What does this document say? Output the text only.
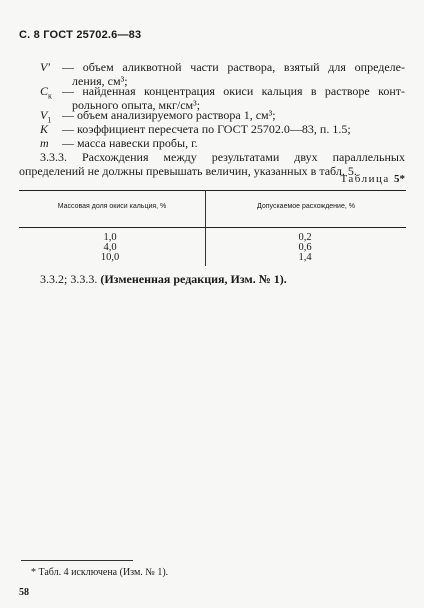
С. 8 ГОСТ 25702.6—83
V′ — объем аликвотной части раствора, взятый для определе-
ления, см³;
$C_к$ — найденная концентрация окиси кальция в растворе конт-
рольного опыта, мкг/см³;
$V_1$ — объем анализируемого раствора 1, см³;
K — коэффициент пересчета по ГОСТ 25702.0—83, п. 1.5;
m — масса навески пробы, г.
3.3.3. Расхождения между результатами двух параллельных
определений не должны превышать величин, указанных в табл. 5.
Таблица 5*
Массовая доля окиси кальция, %	Допускаемое расхождение, %
1,0	0,2
4,0	0,6
10,0	1,4
3.3.2; 3.3.3. (Измененная редакция, Изм. № 1).
* Табл. 4 исключена (Изм. № 1).
58
